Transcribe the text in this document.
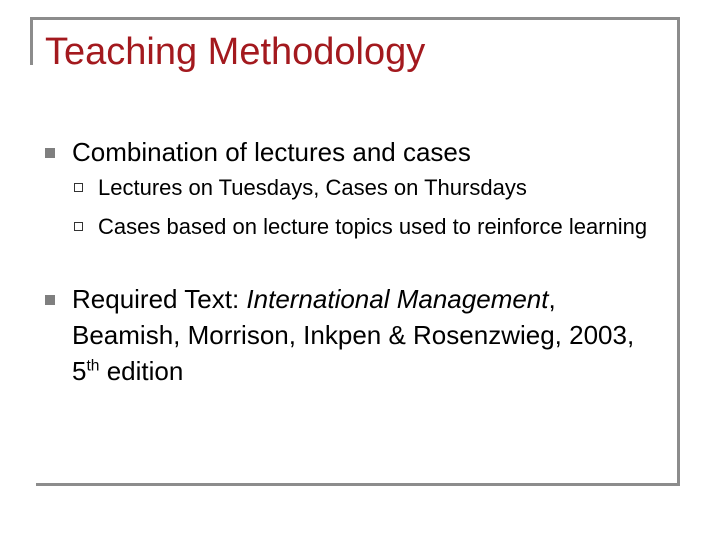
Teaching Methodology
Combination of lectures and cases
Lectures on Tuesdays, Cases on Thursdays
Cases based on lecture topics used to reinforce learning
Required Text: International Management, Beamish, Morrison, Inkpen & Rosenzwieg, 2003, 5th edition
